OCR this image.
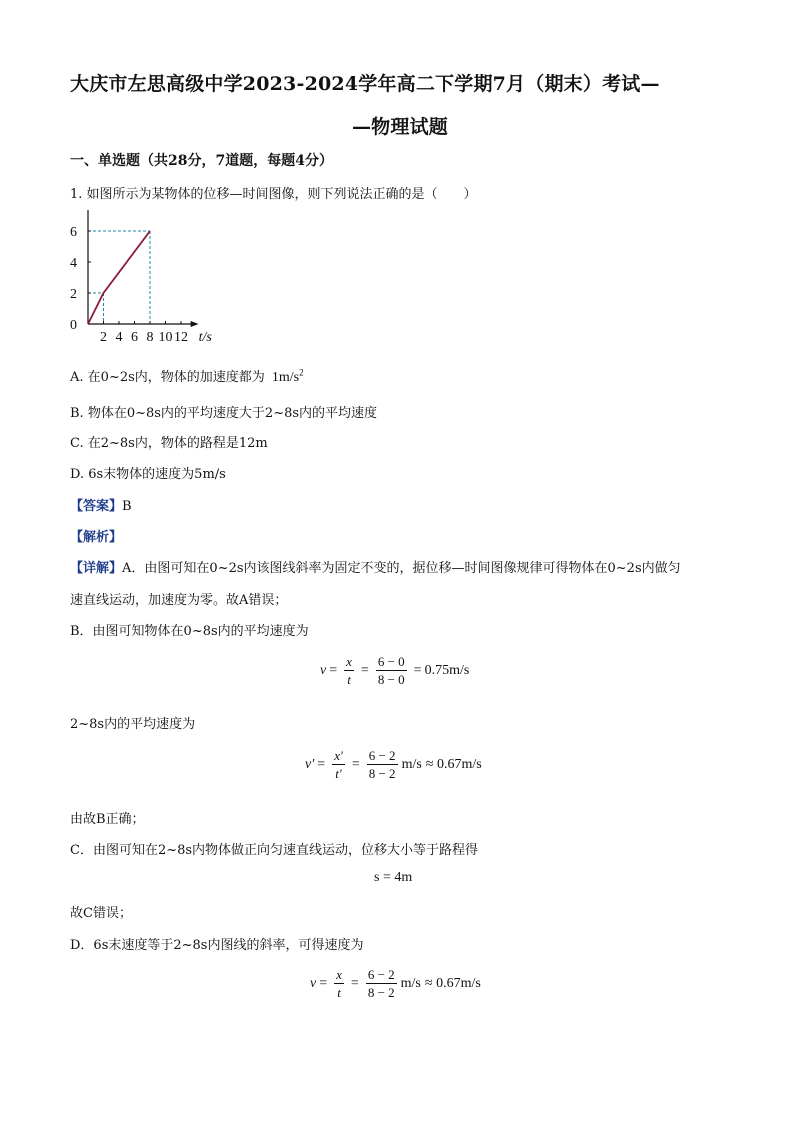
大庆市左思高级中学2023-2024学年高二下学期7月（期末）考试—
—物理试题
一、单选题（共28分，7道题，每题4分）
1. 如图所示为某物体的位移—时间图像，则下列说法正确的是（　　）
2 4 6 8 10 12
0
2
4
6
t/s
A. 在0~2s内，物体的加速度都为 $1m/s^2$
B. 物体在0~8s内的平均速度大于2~8s内的平均速度
C. 在2~8s内，物体的路程是12m
D. 6s末物体的速度为5m/s
【答案】B
【解析】
【详解】A．由图可知在0~2s内该图线斜率为固定不变的，据位移—时间图像规律可得物体在0~2s内做匀
速直线运动，加速度为零。故A错误；
B．由图可知物体在0~8s内的平均速度为
$v = \frac{x}{t} = \frac{6 - 0}{8 - 0} = 0.75m/s$
2~8s内的平均速度为
$v' = \frac{x'}{t'} = \frac{6 - 2}{8 - 2} m/s \approx 0.67m/s$
由故B正确；
C．由图可知在2~8s内物体做正向匀速直线运动，位移大小等于路程得
s = 4m
故C错误；
D．6s末速度等于2~8s内图线的斜率，可得速度为
$v = \frac{x}{t} = \frac{6 - 2}{8 - 2} m/s \approx 0.67m/s$
